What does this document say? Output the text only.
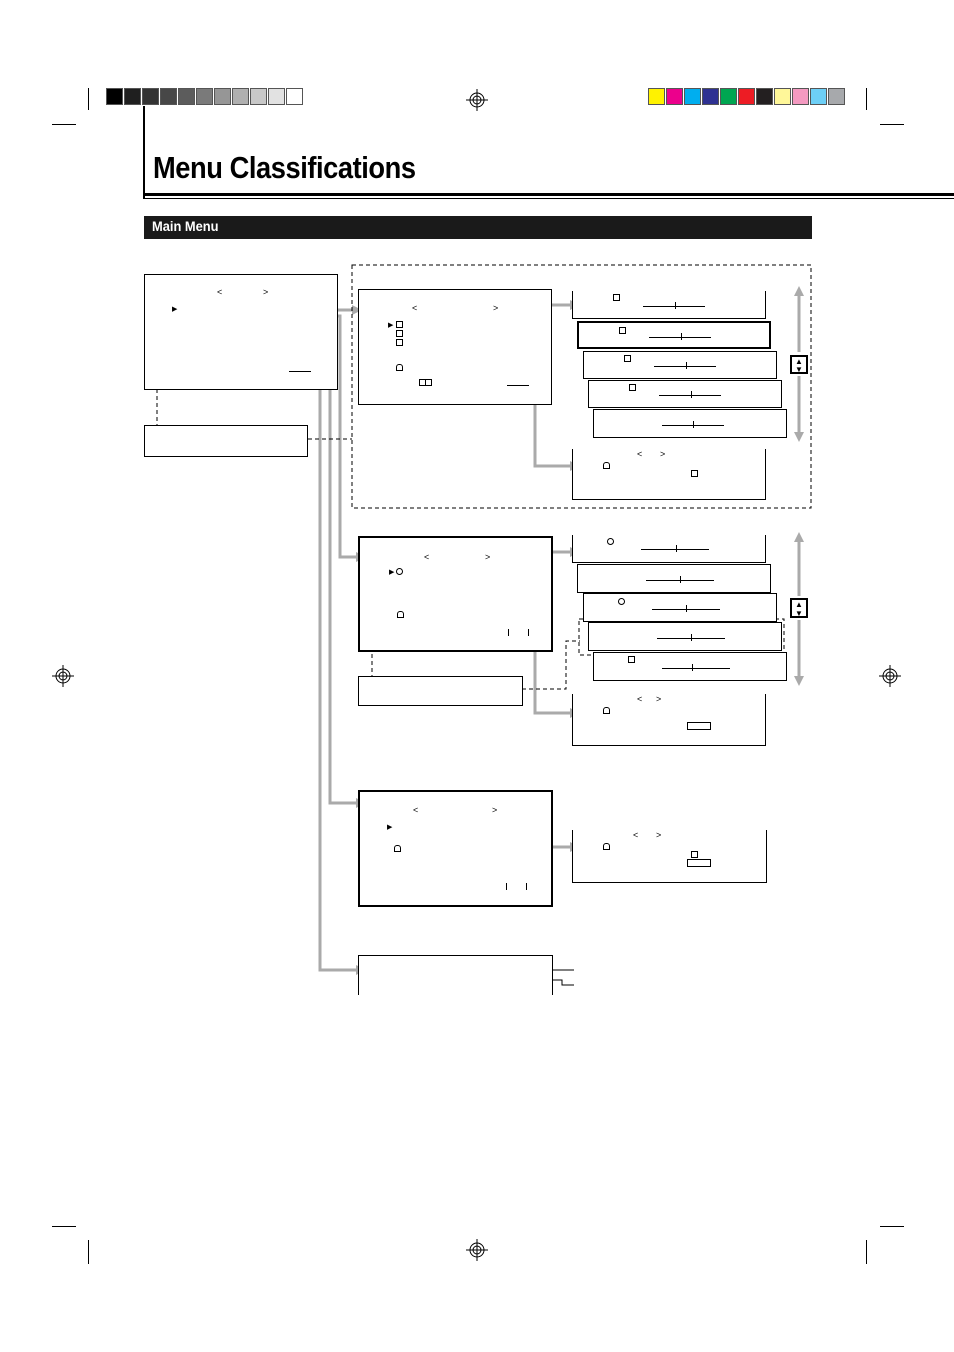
Menu Classifications
Main Menu
<	>
▶	<	>
▶
< >
▲
▼
<	>
▶
< >
▲
▼
<	>
▶
< >
